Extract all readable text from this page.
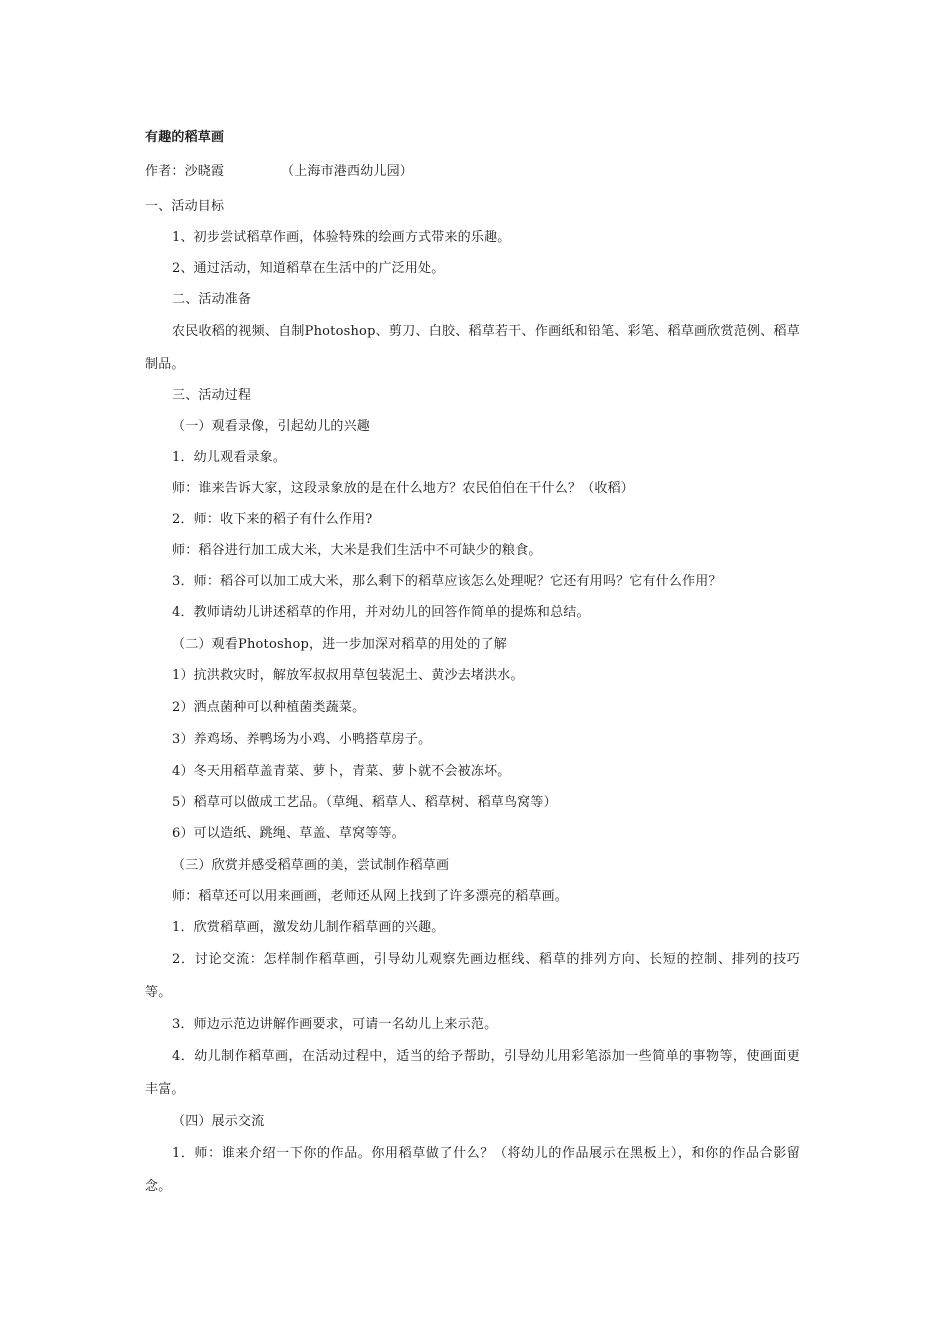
有趣的稻草画
作者：沙晓霞	（上海市港西幼儿园）
一、活动目标
1、初步尝试稻草作画，体验特殊的绘画方式带来的乐趣。
2、通过活动，知道稻草在生活中的广泛用处。
二、活动准备
农民收稻的视频、自制Photoshop、剪刀、白胶、稻草若干、作画纸和铅笔、彩笔、稻草画欣赏范例、稻草制品。
三、活动过程
（一）观看录像，引起幼儿的兴趣
1．幼儿观看录象。
师：谁来告诉大家，这段录象放的是在什么地方？农民伯伯在干什么？（收稻）
2．师：收下来的稻子有什么作用?
师：稻谷进行加工成大米，大米是我们生活中不可缺少的粮食。
3．师：稻谷可以加工成大米，那么剩下的稻草应该怎么处理呢？它还有用吗？它有什么作用？
4．教师请幼儿讲述稻草的作用，并对幼儿的回答作简单的提炼和总结。
（二）观看Photoshop，进一步加深对稻草的用处的了解
1）抗洪救灾时，解放军叔叔用草包装泥土、黄沙去堵洪水。
2）洒点菌种可以种植菌类蔬菜。
3）养鸡场、养鸭场为小鸡、小鸭搭草房子。
4）冬天用稻草盖青菜、萝卜，青菜、萝卜就不会被冻坏。
5）稻草可以做成工艺品。（草绳、稻草人、稻草树、稻草鸟窝等）
6）可以造纸、跳绳、草盖、草窝等等。
（三）欣赏并感受稻草画的美，尝试制作稻草画
师：稻草还可以用来画画，老师还从网上找到了许多漂亮的稻草画。
1．欣赏稻草画，激发幼儿制作稻草画的兴趣。
2．讨论交流：怎样制作稻草画，引导幼儿观察先画边框线、稻草的排列方向、长短的控制、排列的技巧等。
3．师边示范边讲解作画要求，可请一名幼儿上来示范。
4．幼儿制作稻草画，在活动过程中，适当的给予帮助，引导幼儿用彩笔添加一些简单的事物等，使画面更丰富。
（四）展示交流
1．师：谁来介绍一下你的作品。你用稻草做了什么？（将幼儿的作品展示在黑板上），和你的作品合影留念。
